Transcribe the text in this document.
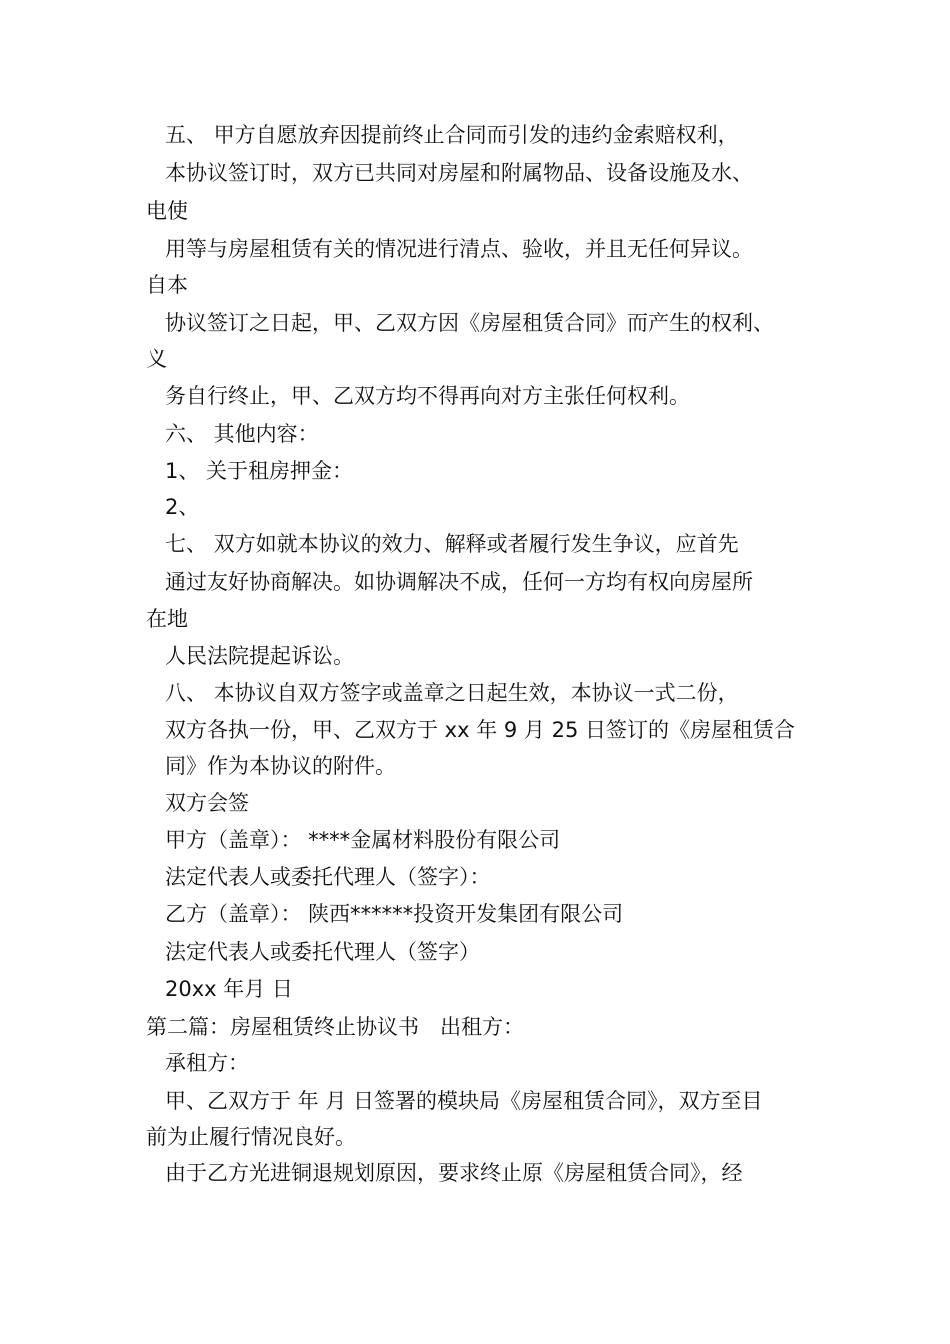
五、 甲方自愿放弃因提前终止合同而引发的违约金索赔权利，
本协议签订时，双方已共同对房屋和附属物品、设备设施及水、
电使
用等与房屋租赁有关的情况进行清点、验收，并且无任何异议。
自本
协议签订之日起，甲、乙双方因《房屋租赁合同》而产生的权利、
义
务自行终止，甲、乙双方均不得再向对方主张任何权利。
六、 其他内容：
1、 关于租房押金：
2、
七、 双方如就本协议的效力、解释或者履行发生争议，应首先
通过友好协商解决。如协调解决不成，任何一方均有权向房屋所
在地
人民法院提起诉讼。
八、 本协议自双方签字或盖章之日起生效，本协议一式二份，
双方各执一份，甲、乙双方于 xx 年 9 月 25 日签订的《房屋租赁合
同》作为本协议的附件。
双方会签
甲方（盖章）： ****金属材料股份有限公司
法定代表人或委托代理人（签字）：
乙方（盖章）： 陕西******投资开发集团有限公司
法定代表人或委托代理人（签字）
20xx 年月 日
第二篇：房屋租赁终止协议书　出租方：
承租方：
甲、乙双方于 年 月 日签署的模块局《房屋租赁合同》，双方至目
前为止履行情况良好。
由于乙方光进铜退规划原因，要求终止原《房屋租赁合同》，经
